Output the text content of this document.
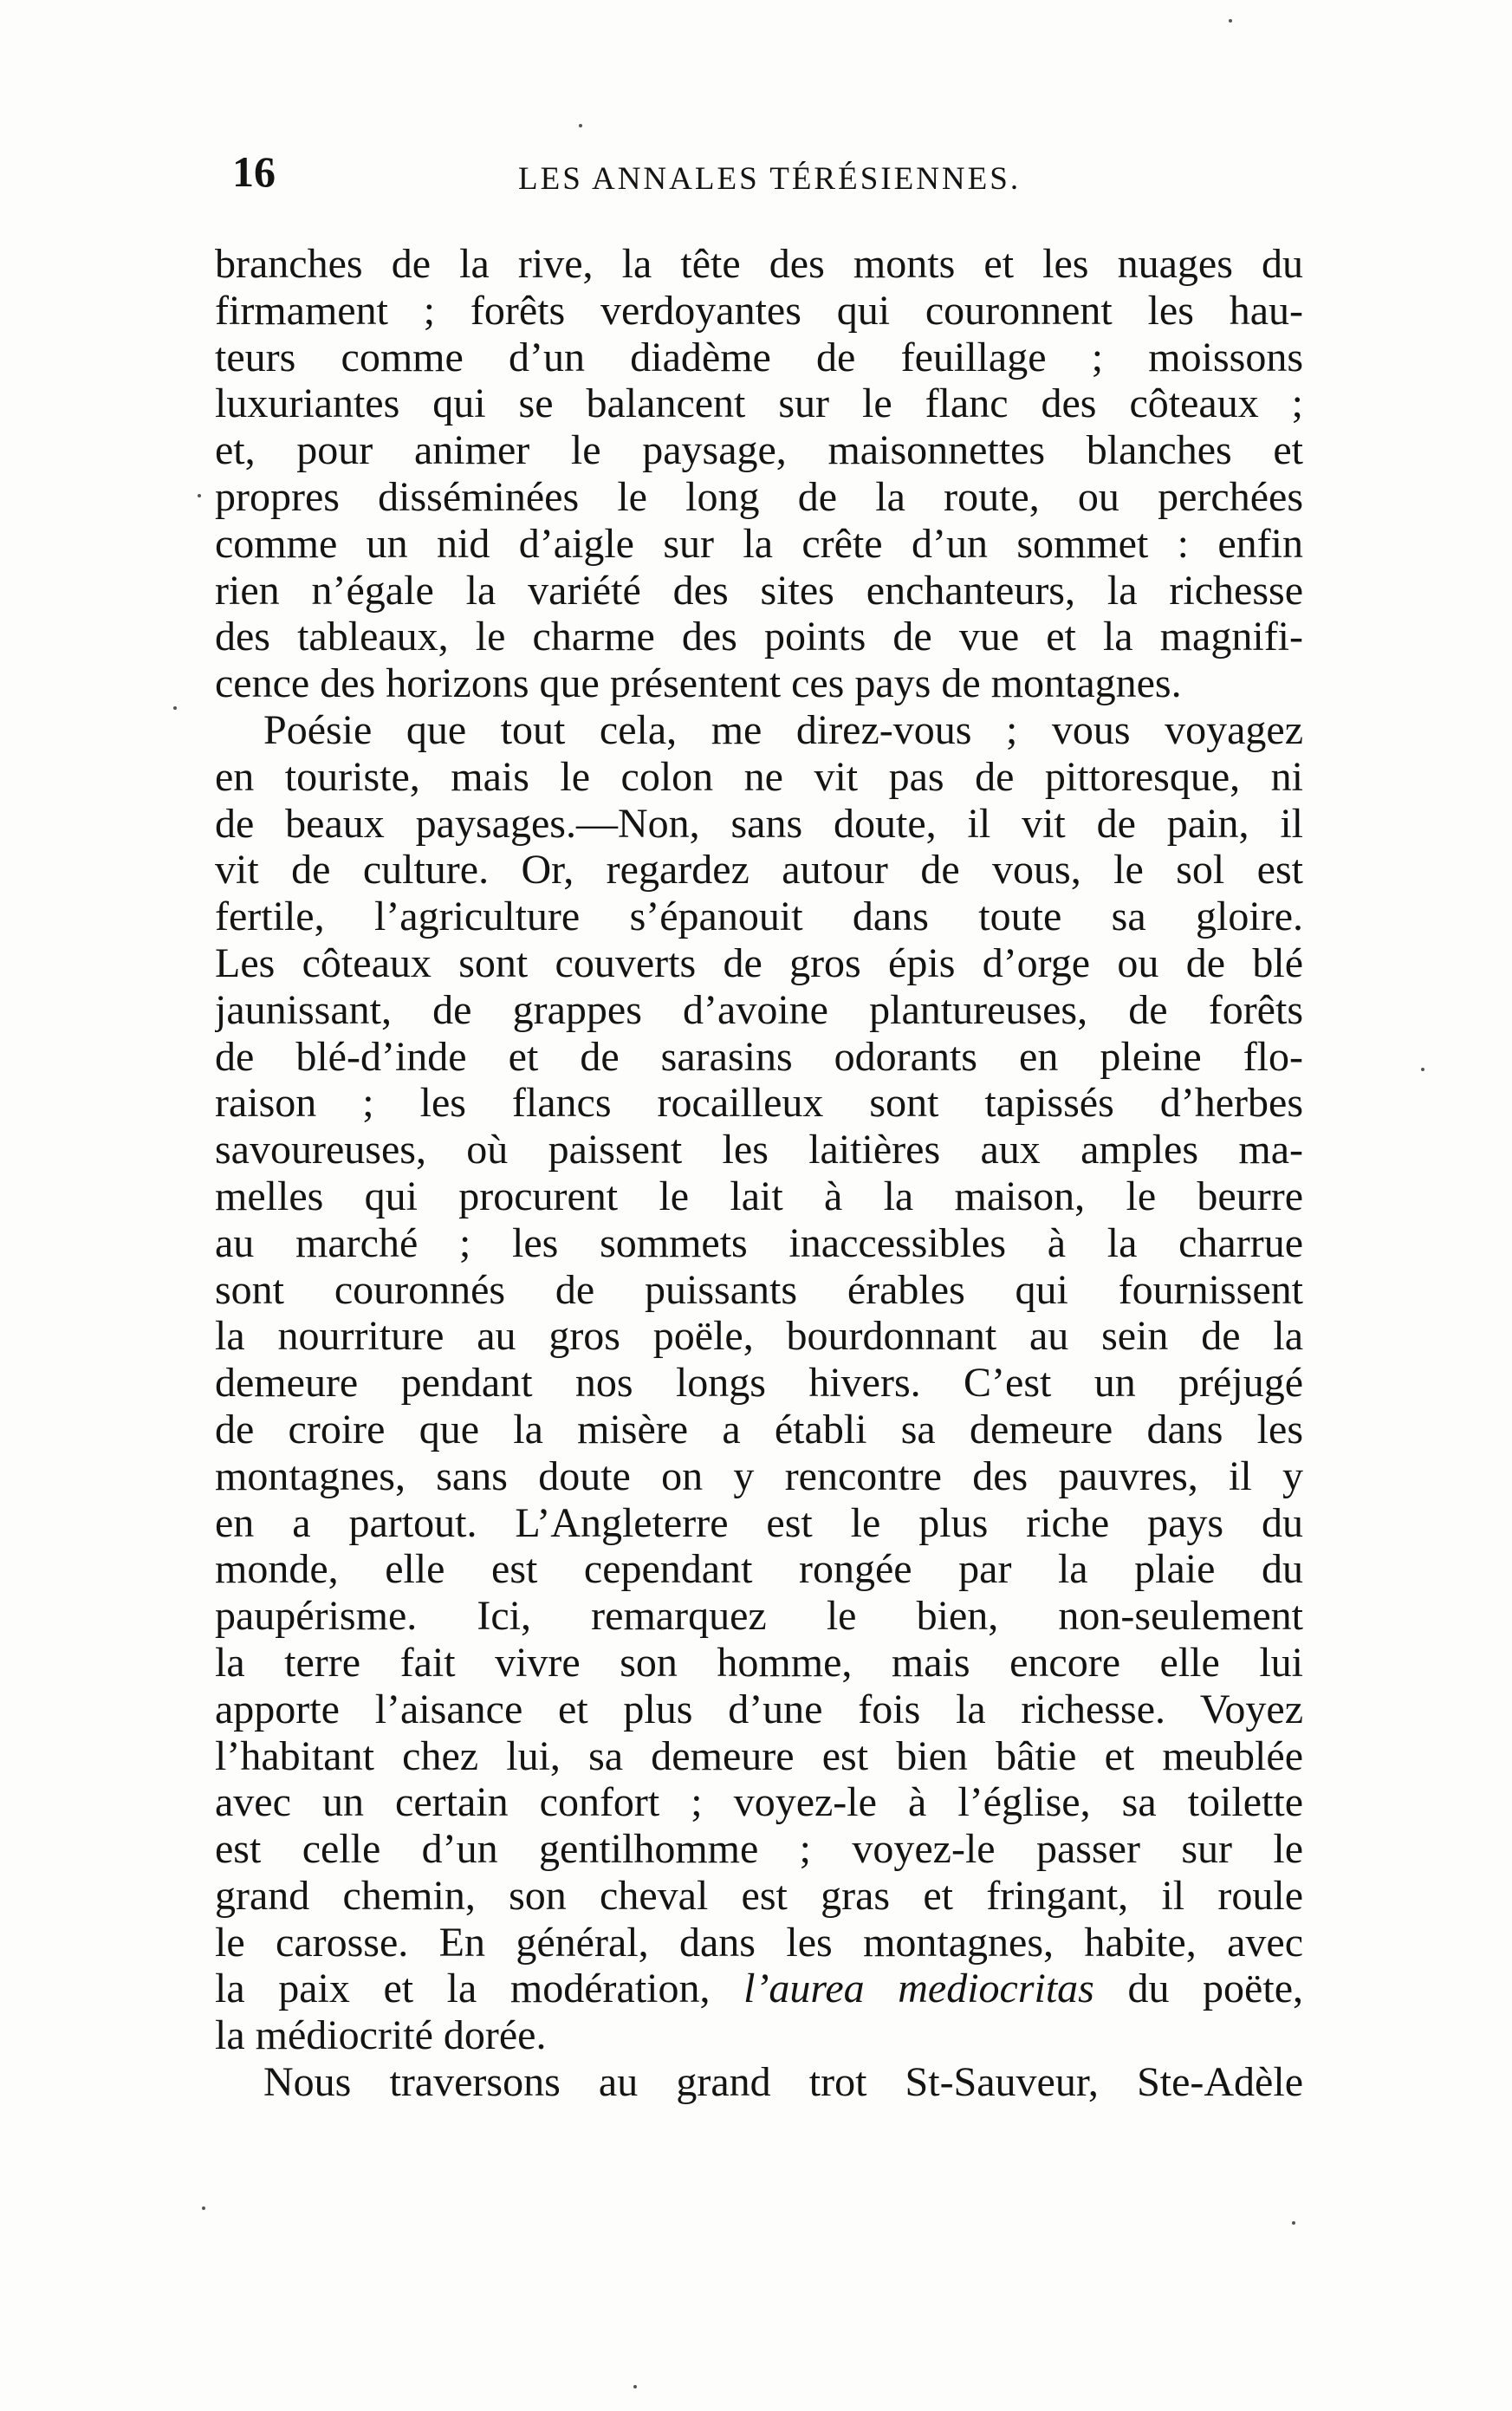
16	LES ANNALES TÉRÉSIENNES.
branches de la rive, la tête des monts et les nuages du
firmament ; forêts verdoyantes qui couronnent les hau-
teurs comme d’un diadème de feuillage ; moissons
luxuriantes qui se balancent sur le flanc des côteaux ;
et, pour animer le paysage, maisonnettes blanches et
propres disséminées le long de la route, ou perchées
comme un nid d’aigle sur la crête d’un sommet : enfin
rien n’égale la variété des sites enchanteurs, la richesse
des tableaux, le charme des points de vue et la magnifi-
cence des horizons que présentent ces pays de montagnes.
Poésie que tout cela, me direz-vous ; vous voyagez
en touriste, mais le colon ne vit pas de pittoresque, ni
de beaux paysages.—Non, sans doute, il vit de pain, il
vit de culture. Or, regardez autour de vous, le sol est
fertile, l’agriculture s’épanouit dans toute sa gloire.
Les côteaux sont couverts de gros épis d’orge ou de blé
jaunissant, de grappes d’avoine plantureuses, de forêts
de blé-d’inde et de sarasins odorants en pleine flo-
raison ; les flancs rocailleux sont tapissés d’herbes
savoureuses, où paissent les laitières aux amples ma-
melles qui procurent le lait à la maison, le beurre
au marché ; les sommets inaccessibles à la charrue
sont couronnés de puissants érables qui fournissent
la nourriture au gros poële, bourdonnant au sein de la
demeure pendant nos longs hivers. C’est un préjugé
de croire que la misère a établi sa demeure dans les
montagnes, sans doute on y rencontre des pauvres, il y
en a partout. L’Angleterre est le plus riche pays du
monde, elle est cependant rongée par la plaie du
paupérisme. Ici, remarquez le bien, non-seulement
la terre fait vivre son homme, mais encore elle lui
apporte l’aisance et plus d’une fois la richesse. Voyez
l’habitant chez lui, sa demeure est bien bâtie et meublée
avec un certain confort ; voyez-le à l’église, sa toilette
est celle d’un gentilhomme ; voyez-le passer sur le
grand chemin, son cheval est gras et fringant, il roule
le carosse. En général, dans les montagnes, habite, avec
la paix et la modération, l’aurea mediocritas du poëte,
la médiocrité dorée.
Nous traversons au grand trot St-Sauveur, Ste-Adèle
